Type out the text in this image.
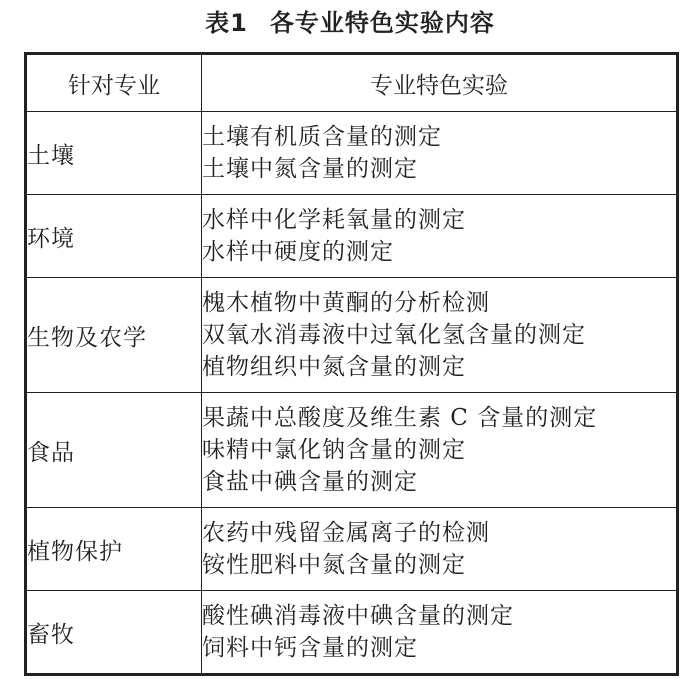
表1 各专业特色实验内容
针对专业	专业特色实验
土壤	土壤有机质含量的测定
土壤中氮含量的测定

环境	水样中化学耗氧量的测定
水样中硬度的测定

生物及农学	槐木植物中黄酮的分析检测
双氧水消毒液中过氧化氢含量的测定
植物组织中氮含量的测定

食品	果蔬中总酸度及维生素 C 含量的测定
味精中氯化钠含量的测定
食盐中碘含量的测定

植物保护	农药中残留金属离子的检测
铵性肥料中氮含量的测定

畜牧	酸性碘消毒液中碘含量的测定
饲料中钙含量的测定
